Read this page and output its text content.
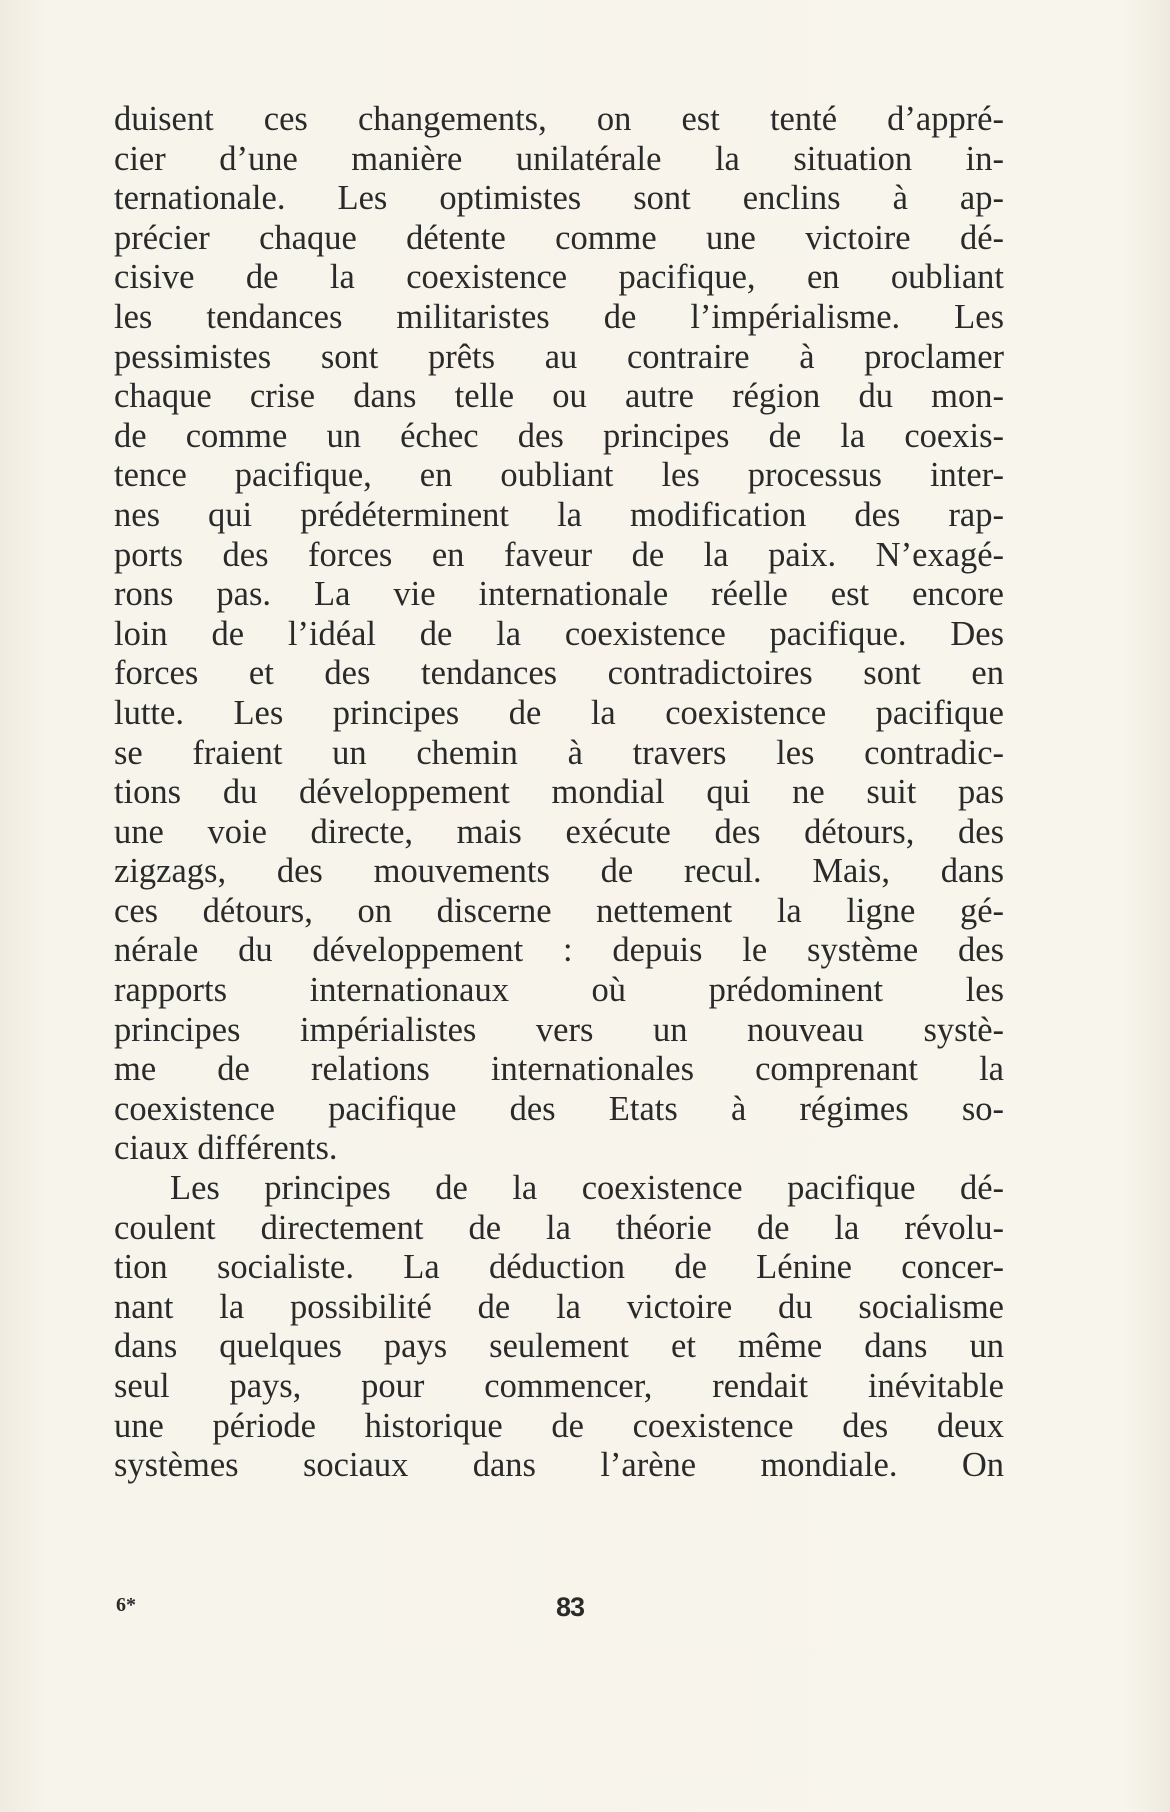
duisent ces changements, on est tenté d’appré-
cier d’une manière unilatérale la situation in-
ternationale. Les optimistes sont enclins à ap-
précier chaque détente comme une victoire dé-
cisive de la coexistence pacifique, en oubliant
les tendances militaristes de l’impérialisme. Les
pessimistes sont prêts au contraire à proclamer
chaque crise dans telle ou autre région du mon-
de comme un échec des principes de la coexis-
tence pacifique, en oubliant les processus inter-
nes qui prédéterminent la modification des rap-
ports des forces en faveur de la paix. N’exagé-
rons pas. La vie internationale réelle est encore
loin de l’idéal de la coexistence pacifique. Des
forces et des tendances contradictoires sont en
lutte. Les principes de la coexistence pacifique
se fraient un chemin à travers les contradic-
tions du développement mondial qui ne suit pas
une voie directe, mais exécute des détours, des
zigzags, des mouvements de recul. Mais, dans
ces détours, on discerne nettement la ligne gé-
nérale du développement : depuis le système des
rapports internationaux où prédominent les
principes impérialistes vers un nouveau systè-
me de relations internationales comprenant la
coexistence pacifique des Etats à régimes so-
ciaux différents.
Les principes de la coexistence pacifique dé-
coulent directement de la théorie de la révolu-
tion socialiste. La déduction de Lénine concer-
nant la possibilité de la victoire du socialisme
dans quelques pays seulement et même dans un
seul pays, pour commencer, rendait inévitable
une période historique de coexistence des deux
systèmes sociaux dans l’arène mondiale. On
6*	83
